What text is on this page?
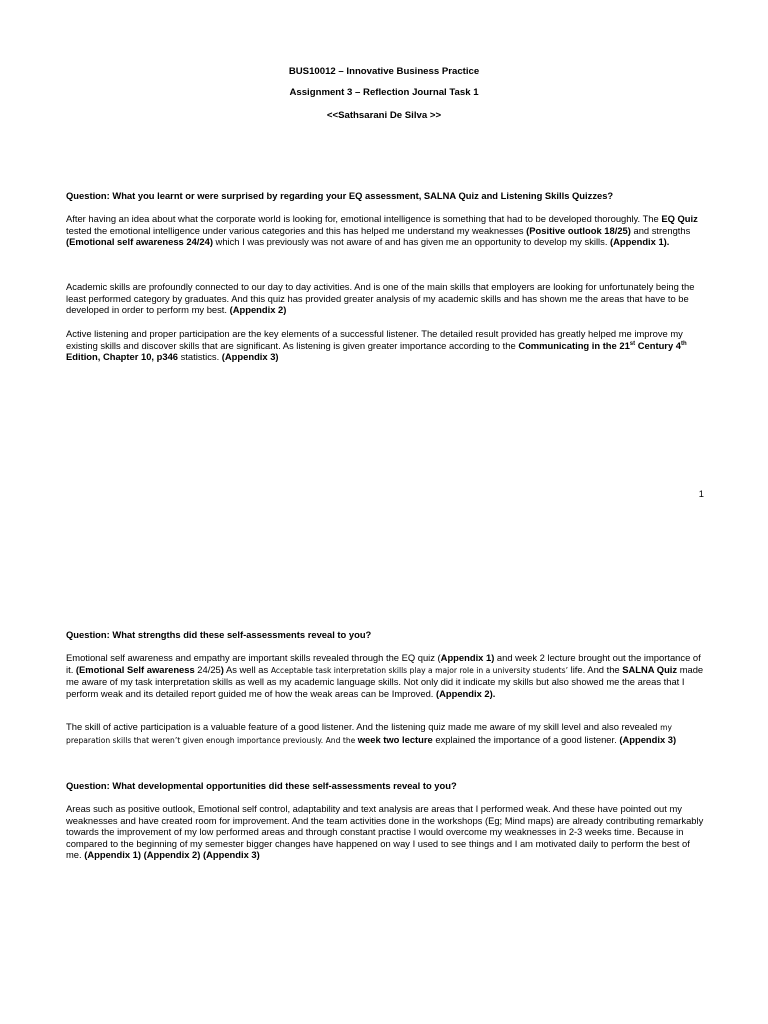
BUS10012 – Innovative Business Practice
Assignment 3 – Reflection Journal Task 1
<<Sathsarani De Silva >>
Question: What you learnt or were surprised by regarding your EQ assessment, SALNA Quiz and Listening Skills Quizzes?
After having an idea about what the corporate world is looking for, emotional intelligence is something that had to be developed thoroughly. The EQ Quiz tested the emotional intelligence under various categories and this has helped me understand my weaknesses (Positive outlook 18/25) and strengths (Emotional self awareness 24/24) which I was previously was not aware of and has given me an opportunity to develop my skills. (Appendix 1).
Academic skills are profoundly connected to our day to day activities. And is one of the main skills that employers are looking for unfortunately being the least performed category by graduates. And this quiz has provided greater analysis of my academic skills and has shown me the areas that have to be developed in order to perform my best. (Appendix 2)
Active listening and proper participation are the key elements of a successful listener. The detailed result provided has greatly helped me improve my existing skills and discover skills that are significant. As listening is given greater importance according to the Communicating in the 21st Century 4th Edition, Chapter 10, p346 statistics. (Appendix 3)
1
Question: What strengths did these self-assessments reveal to you?
Emotional self awareness and empathy are important skills revealed through the EQ quiz (Appendix 1) and week 2 lecture brought out the importance of it. (Emotional Self awareness 24/25) As well as Acceptable task interpretation skills play a major role in a university students’ life. And the SALNA Quiz made me aware of my task interpretation skills as well as my academic language skills. Not only did it indicate my skills but also showed me the areas that I perform weak and its detailed report guided me of how the weak areas can be Improved. (Appendix 2).
The skill of active participation is a valuable feature of a good listener. And the listening quiz made me aware of my skill level and also revealed my preparation skills that weren’t given enough importance previously. And the week two lecture explained the importance of a good listener. (Appendix 3)
Question: What developmental opportunities did these self-assessments reveal to you?
Areas such as positive outlook, Emotional self control, adaptability and text analysis are areas that I performed weak. And these have pointed out my weaknesses and have created room for improvement. And the team activities done in the workshops (Eg; Mind maps) are already contributing remarkably towards the improvement of my low performed areas and through constant practise I would overcome my weaknesses in 2-3 weeks time. Because in compared to the beginning of my semester bigger changes have happened on way I used to see things and I am motivated daily to perform the best of me. (Appendix 1) (Appendix 2) (Appendix 3)
